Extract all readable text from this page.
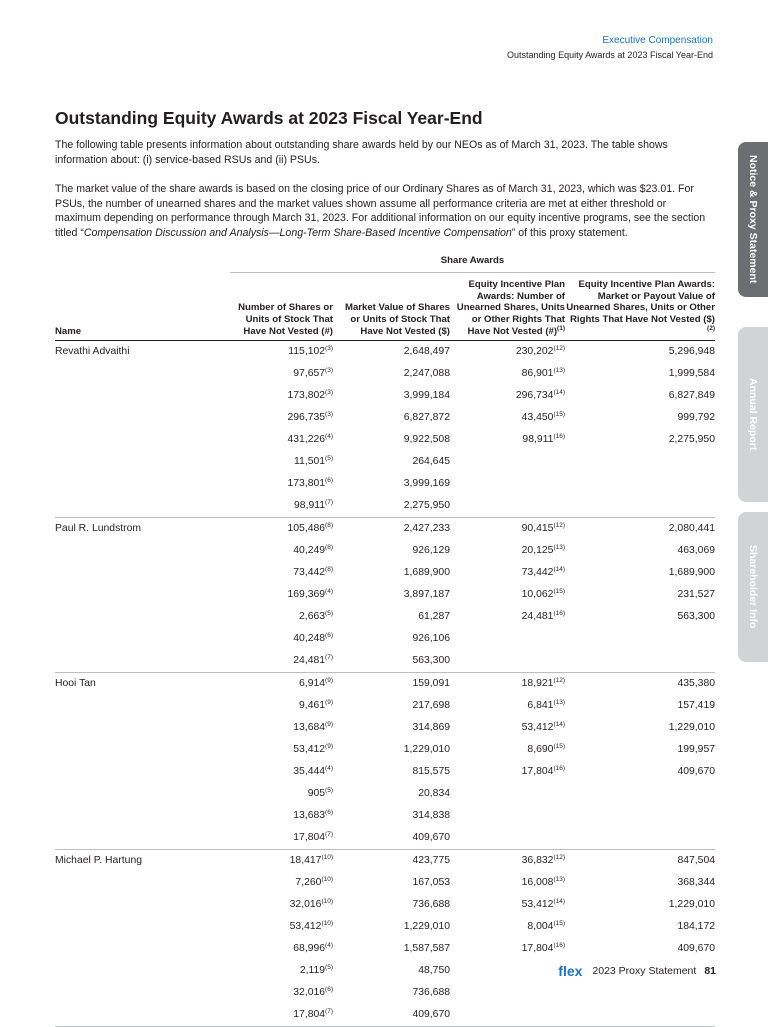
Executive Compensation
Outstanding Equity Awards at 2023 Fiscal Year-End
Outstanding Equity Awards at 2023 Fiscal Year-End
The following table presents information about outstanding share awards held by our NEOs as of March 31, 2023. The table shows information about: (i) service-based RSUs and (ii) PSUs.
The market value of the share awards is based on the closing price of our Ordinary Shares as of March 31, 2023, which was $23.01. For PSUs, the number of unearned shares and the market values shown assume all performance criteria are met at either threshold or maximum depending on performance through March 31, 2023. For additional information on our equity incentive programs, see the section titled “Compensation Discussion and Analysis—Long-Term Share-Based Incentive Compensation” of this proxy statement.	Notice & Proxy Statement
Annual Report
Shareholder Info
	Share Awards			
Name	Number of Shares or Units of Stock That Have Not Vested (#)	Market Value of Shares or Units of Stock That Have Not Vested ($)	Equity Incentive Plan Awards: Number of Unearned Shares, Units or Other Rights That Have Not Vested (#)$^{(1)}$	Equity Incentive Plan Awards: Market or Payout Value of Unearned Shares, Units or Other Rights That Have Not Vested ($)$^{(2)}$
Revathi Advaithi	115,102$^{(3)}$	2,648,497	230,202$^{(12)}$	5,296,948
	97,657$^{(3)}$	2,247,088	86,901$^{(13)}$	1,999,584
	173,802$^{(3)}$	3,999,184	296,734$^{(14)}$	6,827,849
	296,735$^{(3)}$	6,827,872	43,450$^{(15)}$	999,792
	431,226$^{(4)}$	9,922,508	98,911$^{(16)}$	2,275,950
	11,501$^{(5)}$	264,645		
	173,801$^{(6)}$	3,999,169		
	98,911$^{(7)}$	2,275,950		
Paul R. Lundstrom	105,486$^{(8)}$	2,427,233	90,415$^{(12)}$	2,080,441
	40,249$^{(8)}$	926,129	20,125$^{(13)}$	463,069
	73,442$^{(8)}$	1,689,900	73,442$^{(14)}$	1,689,900
	169,369$^{(4)}$	3,897,187	10,062$^{(15)}$	231,527
	2,663$^{(5)}$	61,287	24,481$^{(16)}$	563,300
	40,248$^{(6)}$	926,106		
	24,481$^{(7)}$	563,300		
Hooi Tan	6,914$^{(9)}$	159,091	18,921$^{(12)}$	435,380
	9,461$^{(9)}$	217,698	6,841$^{(13)}$	157,419
	13,684$^{(9)}$	314,869	53,412$^{(14)}$	1,229,010
	53,412$^{(9)}$	1,229,010	8,690$^{(15)}$	199,957
	35,444$^{(4)}$	815,575	17,804$^{(16)}$	409,670
	905$^{(5)}$	20,834		
	13,683$^{(6)}$	314,838		
	17,804$^{(7)}$	409,670		
Michael P. Hartung	18,417$^{(10)}$	423,775	36,832$^{(12)}$	847,504
	7,260$^{(10)}$	167,053	16,008$^{(13)}$	368,344
	32,016$^{(10)}$	736,688	53,412$^{(14)}$	1,229,010
	53,412$^{(10)}$	1,229,010	8,004$^{(15)}$	184,172
	68,996$^{(4)}$	1,587,587	17,804$^{(16)}$	409,670
	2,119$^{(5)}$	48,750		
	32,016$^{(6)}$	736,688		
	17,804$^{(7)}$	409,670		
flex 2023 Proxy Statement 81
